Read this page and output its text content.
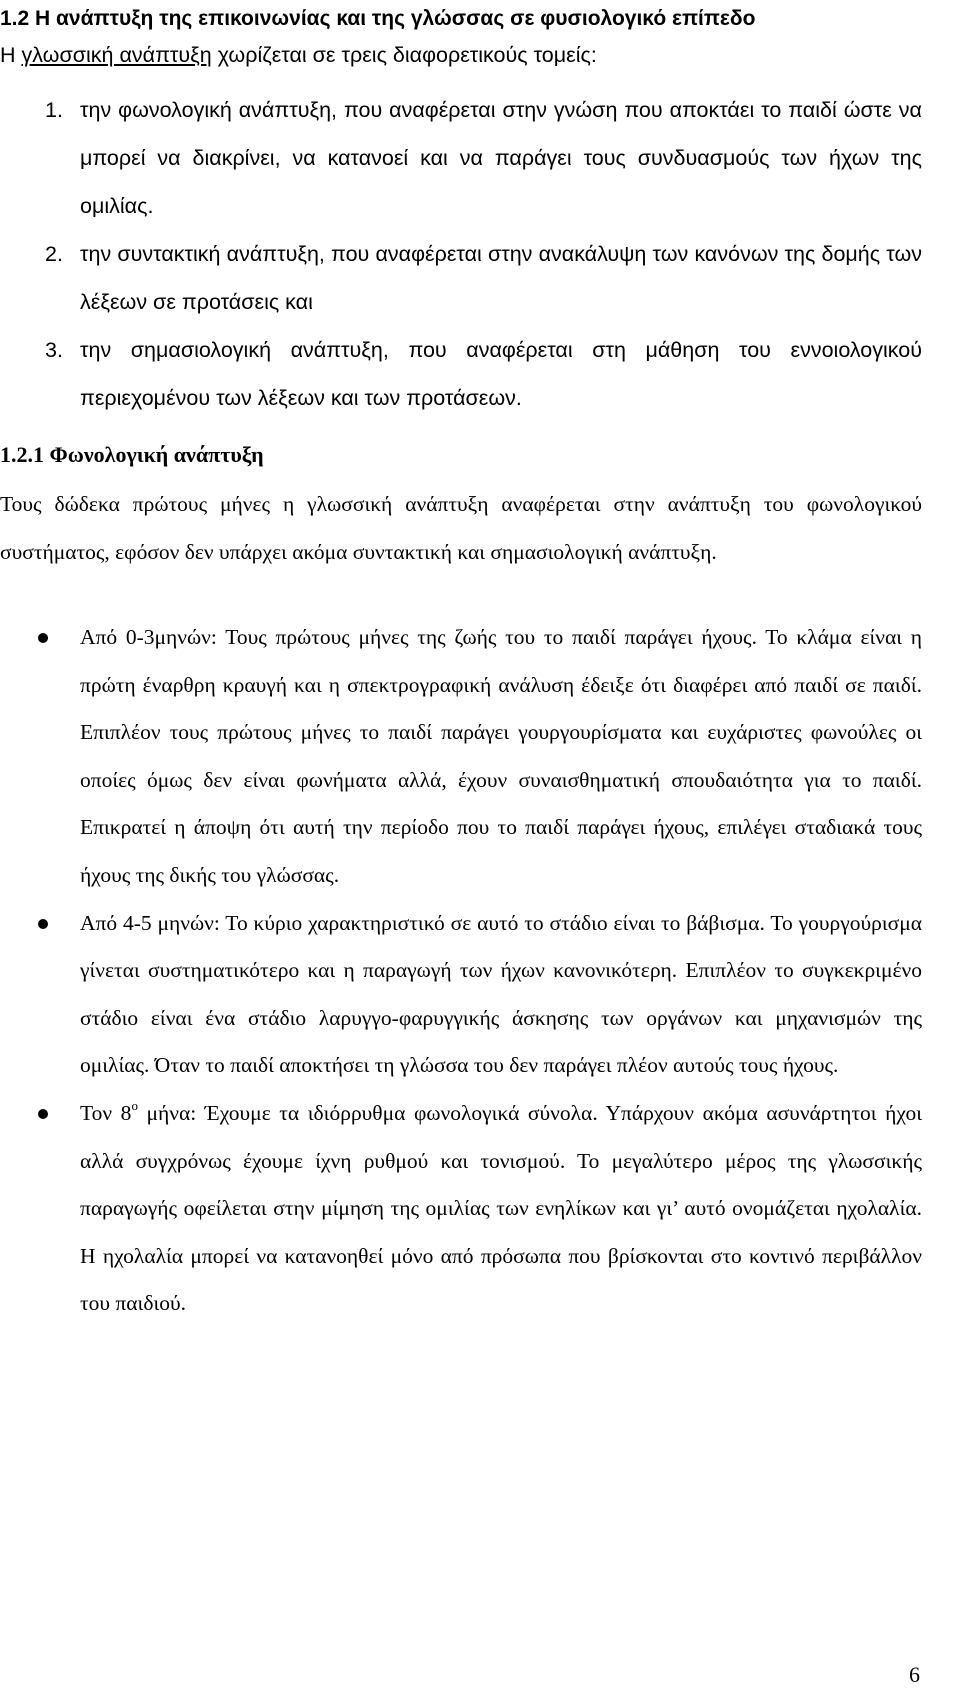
1.2 Η ανάπτυξη της επικοινωνίας και της γλώσσας σε φυσιολογικό επίπεδο
Η γλωσσική ανάπτυξη χωρίζεται σε τρεις διαφορετικούς τομείς:
1. την φωνολογική ανάπτυξη, που αναφέρεται στην γνώση που αποκτάει το παιδί ώστε να μπορεί να διακρίνει, να κατανοεί και να παράγει τους συνδυασμούς των ήχων της ομιλίας.
2. την συντακτική ανάπτυξη, που αναφέρεται στην ανακάλυψη των κανόνων της δομής των λέξεων σε προτάσεις και
3. την σημασιολογική ανάπτυξη, που αναφέρεται στη μάθηση του εννοιολογικού περιεχομένου των λέξεων και των προτάσεων.
1.2.1 Φωνολογική ανάπτυξη
Τους δώδεκα πρώτους μήνες η γλωσσική ανάπτυξη αναφέρεται στην ανάπτυξη του φωνολογικού συστήματος, εφόσον δεν υπάρχει ακόμα συντακτική και σημασιολογική ανάπτυξη.
Από 0-3μηνών: Τους πρώτους μήνες της ζωής του το παιδί παράγει ήχους. Το κλάμα είναι η πρώτη έναρθρη κραυγή και η σπεκτρογραφική ανάλυση έδειξε ότι διαφέρει από παιδί σε παιδί. Επιπλέον τους πρώτους μήνες το παιδί παράγει γουργουρίσματα και ευχάριστες φωνούλες οι οποίες όμως δεν είναι φωνήματα αλλά, έχουν συναισθηματική σπουδαιότητα για το παιδί. Επικρατεί η άποψη ότι αυτή την περίοδο που το παιδί παράγει ήχους, επιλέγει σταδιακά τους ήχους της δικής του γλώσσας.
Από 4-5 μηνών: Το κύριο χαρακτηριστικό σε αυτό το στάδιο είναι το βάβισμα. Το γουργούρισμα γίνεται συστηματικότερο και η παραγωγή των ήχων κανονικότερη. Επιπλέον το συγκεκριμένο στάδιο είναι ένα στάδιο λαρυγγο-φαρυγγικής άσκησης των οργάνων και μηχανισμών της ομιλίας. Όταν το παιδί αποκτήσει τη γλώσσα του δεν παράγει πλέον αυτούς τους ήχους.
Τον $8^o$ μήνα: Έχουμε τα ιδιόρρυθμα φωνολογικά σύνολα. Υπάρχουν ακόμα ασυνάρτητοι ήχοι αλλά συγχρόνως έχουμε ίχνη ρυθμού και τονισμού. Το μεγαλύτερο μέρος της γλωσσικής παραγωγής οφείλεται στην μίμηση της ομιλίας των ενηλίκων και γι’ αυτό ονομάζεται ηχολαλία. Η ηχολαλία μπορεί να κατανοηθεί μόνο από πρόσωπα που βρίσκονται στο κοντινό περιβάλλον του παιδιού.
6
